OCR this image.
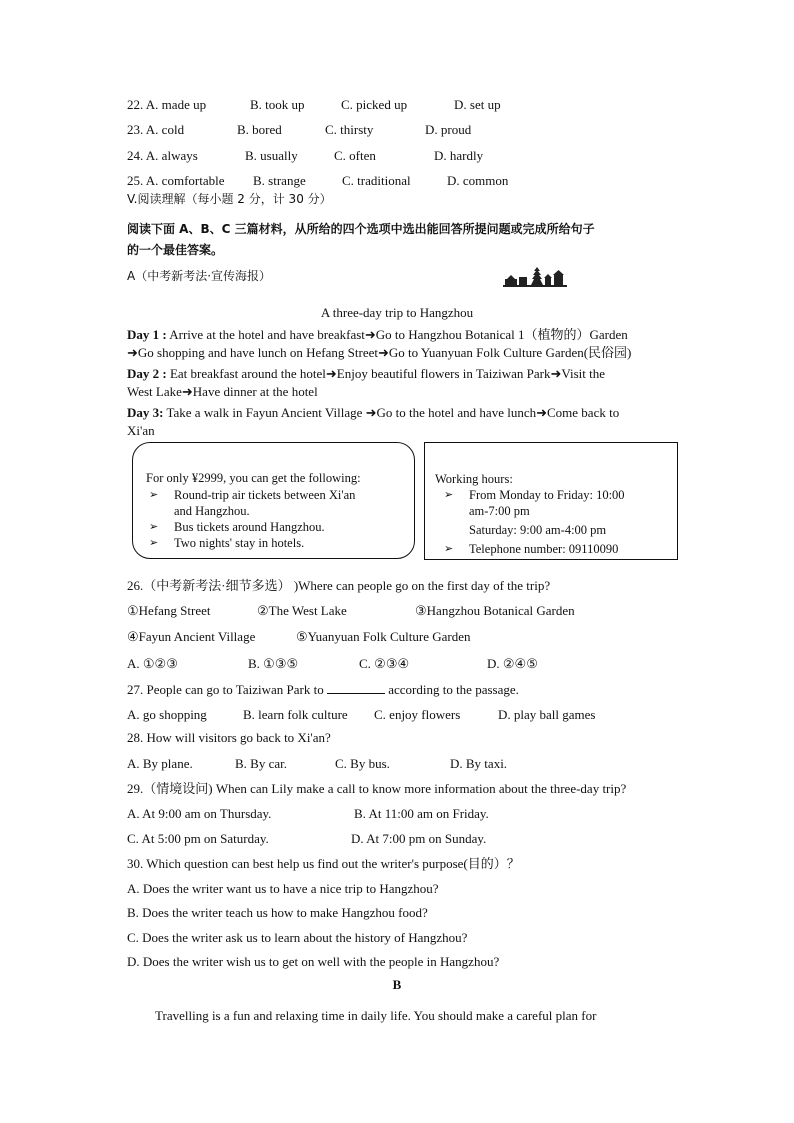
22. A. made up	B. took up	C. picked up	D. set up
23. A. cold	B. bored	C. thirsty	D. proud
24. A. always	B. usually	C. often	D. hardly
25. A. comfortable B. strange	C. traditional	D. common
V.阅读理解（每小题 2 分，计 30 分）
阅读下面 A、B、C 三篇材料，从所给的四个选项中选出能回答所提问题或完成所给句子
的一个最佳答案。
A（中考新考法·宣传海报）
A three-day trip to Hangzhou
Day 1 : Arrive at the hotel and have breakfast➜Go to Hangzhou Botanical 1（植物的）Garden
➜Go shopping and have lunch on Hefang Street➜Go to Yuanyuan Folk Culture Garden(民俗园)
Day 2 : Eat breakfast around the hotel➜Enjoy beautiful flowers in Taiziwan Park➜Visit the
West Lake➜Have dinner at the hotel
Day 3: Take a walk in Fayun Ancient Village ➜Go to the hotel and have lunch➜Come back to
Xi'an
For only ¥2999, you can get the following:
➢ Round-trip air tickets between Xi'an
and Hangzhou.
➢ Bus tickets around Hangzhou.
➢ Two nights' stay in hotels.
Working hours:
➢ From Monday to Friday: 10:00
am-7:00 pm
Saturday: 9:00 am-4:00 pm
➢ Telephone number: 09110090
26.（中考新考法·细节多选） )Where can people go on the first day of the trip?
①Hefang Street	②The West Lake	③Hangzhou Botanical Garden
④Fayun Ancient Village	⑤Yuanyuan Folk Culture Garden
A. ①②③	B. ①③⑤	C. ②③④	D. ②④⑤
27. People can go to Taiziwan Park to	according to the passage.
A. go shopping	B. learn folk culture C. enjoy flowers	D. play ball games
28. How will visitors go back to Xi'an?
A. By plane.	B. By car.	C. By bus.	D. By taxi.
29.（情境设问) When can Lily make a call to know more information about the three-day trip?
A. At 9:00 am on Thursday.	B. At 11:00 am on Friday.
C. At 5:00 pm on Saturday.	D. At 7:00 pm on Sunday.
30. Which question can best help us find out the writer's purpose(目的）？
A. Does the writer want us to have a nice trip to Hangzhou?
B. Does the writer teach us how to make Hangzhou food?
C. Does the writer ask us to learn about the history of Hangzhou?
D. Does the writer wish us to get on well with the people in Hangzhou?
B
Travelling is a fun and relaxing time in daily life. You should make a careful plan for
